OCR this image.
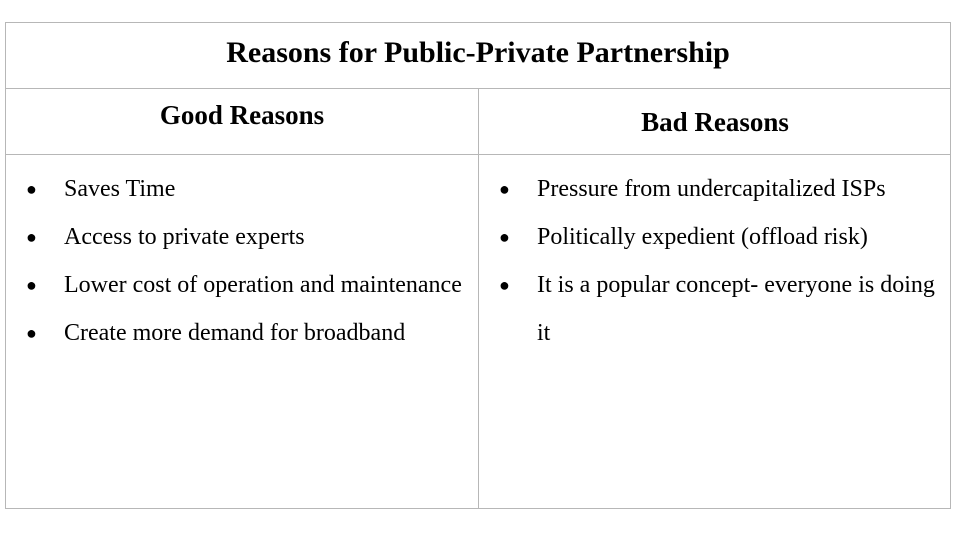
Reasons for Public-Private Partnership
Good Reasons	Bad Reasons
● Saves Time
● Access to private experts
● Lower cost of operation and maintenance
● Create more demand for broadband
● Pressure from undercapitalized ISPs
● Politically expedient (offload risk)
● It is a popular concept- everyone is doing it
